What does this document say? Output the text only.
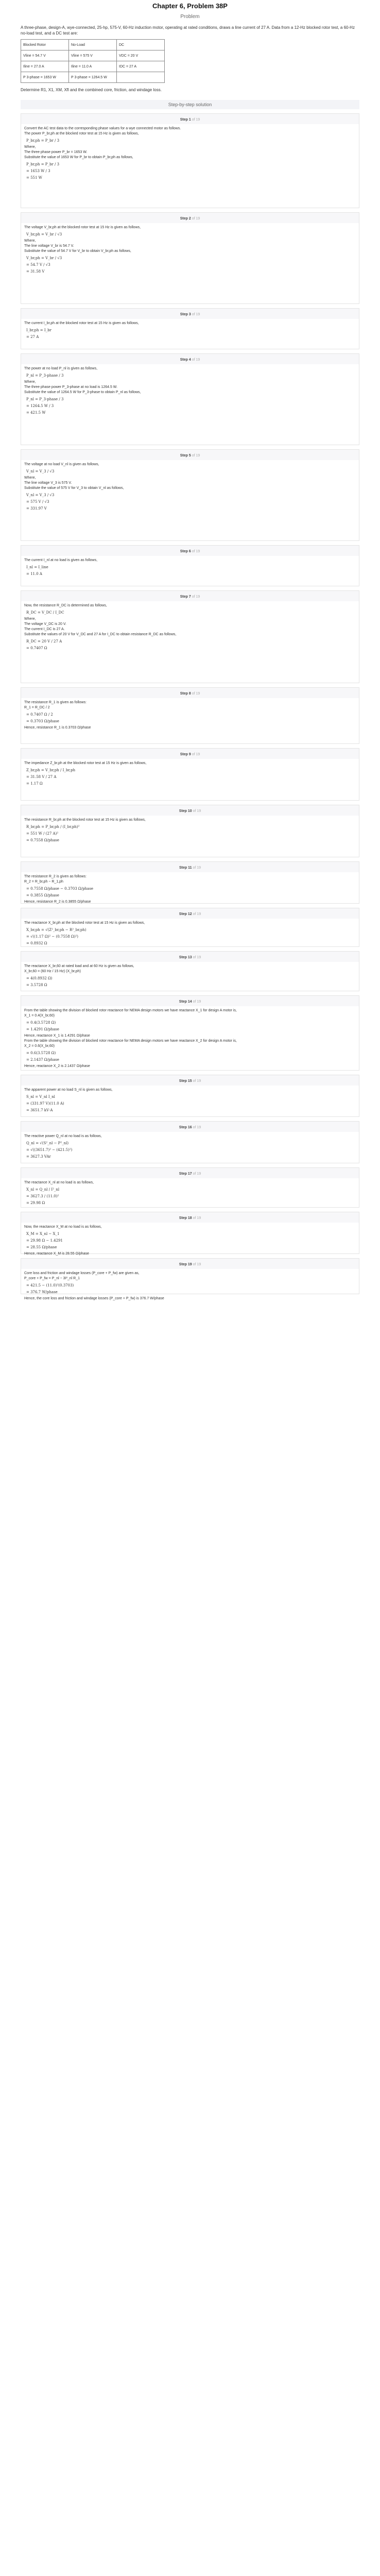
Chapter 6, Problem 38P
Problem
A three-phase, design-A, wye-connected, 25-hp, 575-V, 60-Hz induction motor, operating at rated conditions, draws a line current of 27 A. Data from a 12-Hz blocked rotor test, a 60-Hz no-load test, and a DC test are:
Blocked Rotor	No-Load	DC
Vline = 54.7 V	Vline = 575 V	VDC = 20 V
Iline = 27.0 A	Iline = 11.0 A	IDC = 27 A
P 3-phase = 1653 W	P 3-phase = 1264.5 W	
Determine R1, X1, XM, Xfl and the combined core, friction, and windage loss.
Step-by-step solution
Step 1 of 19
Convert the AC test data to the corresponding phase values for a wye connected motor as follows.
The power P_br,ph at the blocked rotor test at 15 Hz is given as follows,
P_br,ph = P_br / 3
Where,
The three phase power P_br = 1653 W.
Substitute the value of 1653 W for P_br to obtain P_br,ph as follows,
P_br,ph = P_br / 3
= 1653 W / 3
= 551 W
Step 2 of 19
The voltage V_br,ph at the blocked rotor test at 15 Hz is given as follows,
V_br,ph = V_br / √3
Where,
The line voltage V_br is 54.7 V.
Substitute the value of 54.7 V for V_br to obtain V_br,ph as follows,
V_br,ph = V_br / √3
= 54.7 V / √3
= 31.58 V
Step 3 of 19
The current I_br,ph at the blocked rotor test at 15 Hz is given as follows,
I_br,ph = I_br
= 27 A
Step 4 of 19
The power at no load P_nl is given as follows,
P_nl = P_3-phase / 3
Where,
The three phase power P_3-phase at no load is 1264.5 W.
Substitute the value of 1264.5 W for P_3-phase to obtain P_nl as follows,
P_nl = P_3-phase / 3
= 1264.5 W / 3
= 421.5 W
Step 5 of 19
The voltage at no load V_nl is given as follows,
V_nl = V_3 / √3
Where,
The line voltage V_3 is 575 V.
Substitute the value of 575 V for V_3 to obtain V_nl as follows,
V_nl = V_3 / √3
= 575 V / √3
= 331.97 V
Step 6 of 19
The current I_nl at no load is given as follows,
I_nl = I_line
= 11.0 A
Step 7 of 19
Now, the resistance R_DC is determined as follows,
R_DC = V_DC / I_DC
Where,
The voltage V_DC is 20 V.
The current I_DC is 27 A.
Substitute the values of 20 V for V_DC and 27 A for I_DC to obtain resistance R_DC as follows,
R_DC = 20 V / 27 A
= 0.7407 Ω
Step 8 of 19
The resistance R_1 is given as follows:
R_1 = R_DC / 2
= 0.7407 Ω / 2
= 0.3703 Ω/phase
Hence, resistance R_1 is 0.3703 Ω/phase
Step 9 of 19
The impedance Z_br,ph at the blocked rotor test at 15 Hz is given as follows,
Z_br,ph = V_br,ph / I_br,ph
= 31.58 V / 27 A
= 1.17 Ω
Step 10 of 19
The resistance R_br,ph at the blocked rotor test at 15 Hz is given as follows,
R_br,ph = P_br,ph / (I_br,ph)²
= 551 W / (27 A)²
= 0.7558 Ω/phase
Step 11 of 19
The resistance R_2 is given as follows:
R_2 = R_br,ph − R_1,ph
= 0.7558 Ω/phase − 0.3703 Ω/phase
= 0.3855 Ω/phase
Hence, resistance R_2 is 0.3855 Ω/phase
Step 12 of 19
The reactance X_br,ph at the blocked rotor test at 15 Hz is given as follows,
X_br,ph = √(Z²_br,ph − R²_br,ph)
= √((1.17 Ω)² − (0.7558 Ω)²)
= 0.8932 Ω
Step 13 of 19
The reactance X_br,60 at rated load and at 60 Hz is given as follows,
X_br,60 = (60 Hz / 15 Hz) (X_br,ph)
= 4(0.8932 Ω)
= 3.5728 Ω
Step 14 of 19
From the table showing the division of blocked rotor reactance for NEMA design motors we have reactance X_1 for design A motor is,
X_1 = 0.4(X_br,60)
= 0.4(3.5728 Ω)
= 1.4291 Ω/phase
Hence, reactance X_1 is 1.4291 Ω/phase
From the table showing the division of blocked rotor reactance for NEMA design motors we have reactance X_2 for design A motor is,
X_2 = 0.6(X_br,60)
= 0.6(3.5728 Ω)
= 2.1437 Ω/phase
Hence, reactance X_2 is 2.1437 Ω/phase
Step 15 of 19
The apparent power at no load S_nl is given as follows,
S_nl = V_nl I_nl
= (331.97 V)(11.0 A)
= 3651.7 kV·A
Step 16 of 19
The reactive power Q_nl at no load is as follows,
Q_nl = √(S²_nl − P²_nl)
= √((3651.7)² − (421.5)²)
= 3627.3 VAr
Step 17 of 19
The reactance X_nl at no load is as follows,
X_nl = Q_nl / I²_nl
= 3627.3 / (11.0)²
= 29.98 Ω
Step 18 of 19
Now, the reactance X_M at no load is as follows,
X_M = X_nl − X_1
= 29.98 Ω − 1.4291
= 28.55 Ω/phase
Hence, reactance X_M is 28.55 Ω/phase
Step 19 of 19
Core loss and friction and windage losses (P_core + P_fw) are given as,
P_core + P_fw = P_nl − 3I²_nl R_1
= 421.5 − (11.0)²(0.3703)
= 376.7 W/phase
Hence, the core loss and friction and windage losses (P_core + P_fw) is 376.7 W/phase
